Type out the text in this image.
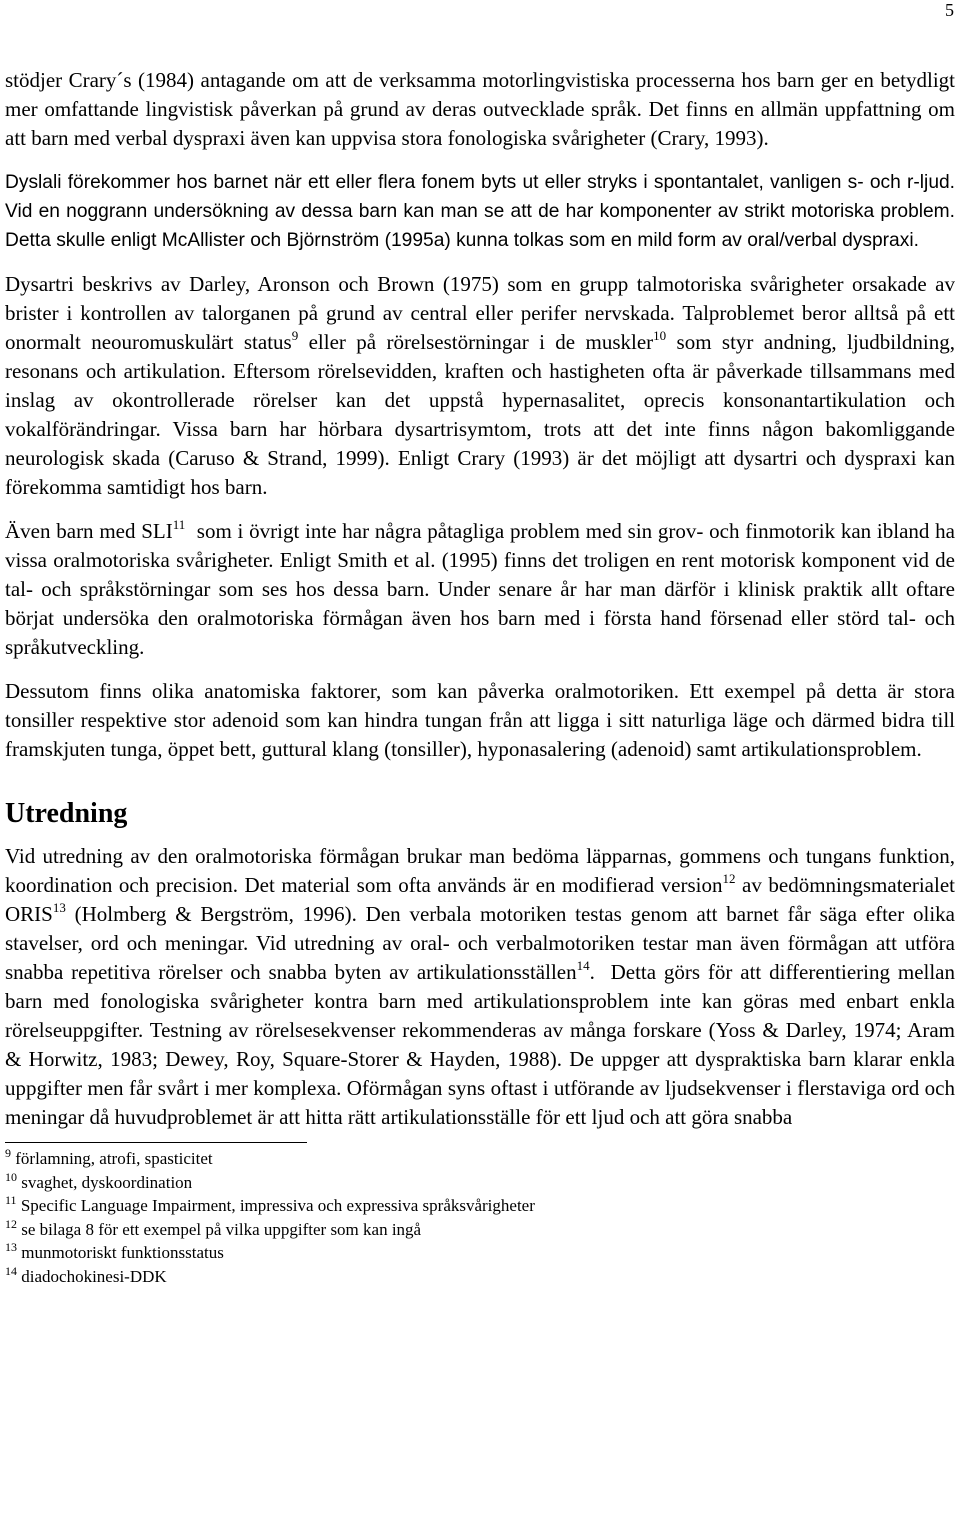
5

stödjer Crary´s (1984) antagande om att de verksamma motorlingvistiska processerna hos barn ger en betydligt mer omfattande lingvistisk påverkan på grund av deras outvecklade språk. Det finns en allmän uppfattning om att barn med verbal dyspraxi även kan uppvisa stora fonologiska svårigheter (Crary, 1993).

Dyslali förekommer hos barnet när ett eller flera fonem byts ut eller stryks i spontantalet, vanligen s- och r-ljud. Vid en noggrann undersökning av dessa barn kan man se att de har komponenter av strikt motoriska problem. Detta skulle enligt McAllister och Björnström (1995a) kunna tolkas som en mild form av oral/verbal dyspraxi.

Dysartri beskrivs av Darley, Aronson och Brown (1975) som en grupp talmotoriska svårigheter orsakade av brister i kontrollen av talorganen på grund av central eller perifer nervskada. Talproblemet beror alltså på ett onormalt neouromuskulärt status$^9$ eller på rörelsestörningar i de muskler$^{10}$ som styr andning, ljudbildning, resonans och artikulation. Eftersom rörelsevidden, kraften och hastigheten ofta är påverkade tillsammans med inslag av okontrollerade rörelser kan det uppstå hypernasalitet, oprecis konsonantartikulation och vokalförändringar. Vissa barn har hörbara dysartrisymtom, trots att det inte finns någon bakomliggande neurologisk skada (Caruso & Strand, 1999). Enligt Crary (1993) är det möjligt att dysartri och dyspraxi kan förekomma samtidigt hos barn.

Även barn med SLI$^{11}$  som i övrigt inte har några påtagliga problem med sin grov- och finmotorik kan ibland ha vissa oralmotoriska svårigheter. Enligt Smith et al. (1995) finns det troligen en rent motorisk komponent vid de tal- och språkstörningar som ses hos dessa barn. Under senare år har man därför i klinisk praktik allt oftare börjat undersöka den oralmotoriska förmågan även hos barn med i första hand försenad eller störd tal- och språkutveckling.

Dessutom finns olika anatomiska faktorer, som kan påverka oralmotoriken. Ett exempel på detta är stora tonsiller respektive stor adenoid som kan hindra tungan från att ligga i sitt naturliga läge och därmed bidra till framskjuten tunga, öppet bett, guttural klang (tonsiller), hyponasalering (adenoid) samt artikulationsproblem.

Utredning

Vid utredning av den oralmotoriska förmågan brukar man bedöma läpparnas, gommens och tungans funktion, koordination och precision. Det material som ofta används är en modifierad version$^{12}$ av bedömningsmaterialet ORIS$^{13}$ (Holmberg & Bergström, 1996). Den verbala motoriken testas genom att barnet får säga efter olika stavelser, ord och meningar. Vid utredning av oral- och verbalmotoriken testar man även förmågan att utföra snabba repetitiva rörelser och snabba byten av artikulationsställen$^{14}$.  Detta görs för att differentiering mellan barn med fonologiska svårigheter kontra barn med artikulationsproblem inte kan göras med enbart enkla rörelseuppgifter. Testning av rörelsesekvenser rekommenderas av många forskare (Yoss & Darley, 1974; Aram & Horwitz, 1983; Dewey, Roy, Square-Storer & Hayden, 1988). De uppger att dyspraktiska barn klarar enkla uppgifter men får svårt i mer komplexa. Oförmågan syns oftast i utförande av ljudsekvenser i flerstaviga ord och meningar då huvudproblemet är att hitta rätt artikulationsställe för ett ljud och att göra snabba

$^9$ förlamning, atrofi, spasticitet

$^{10}$ svaghet, dyskoordination

$^{11}$ Specific Language Impairment, impressiva och expressiva språksvårigheter

$^{12}$ se bilaga 8 för ett exempel på vilka uppgifter som kan ingå

$^{13}$ munmotoriskt funktionsstatus

$^{14}$ diadochokinesi-DDK
